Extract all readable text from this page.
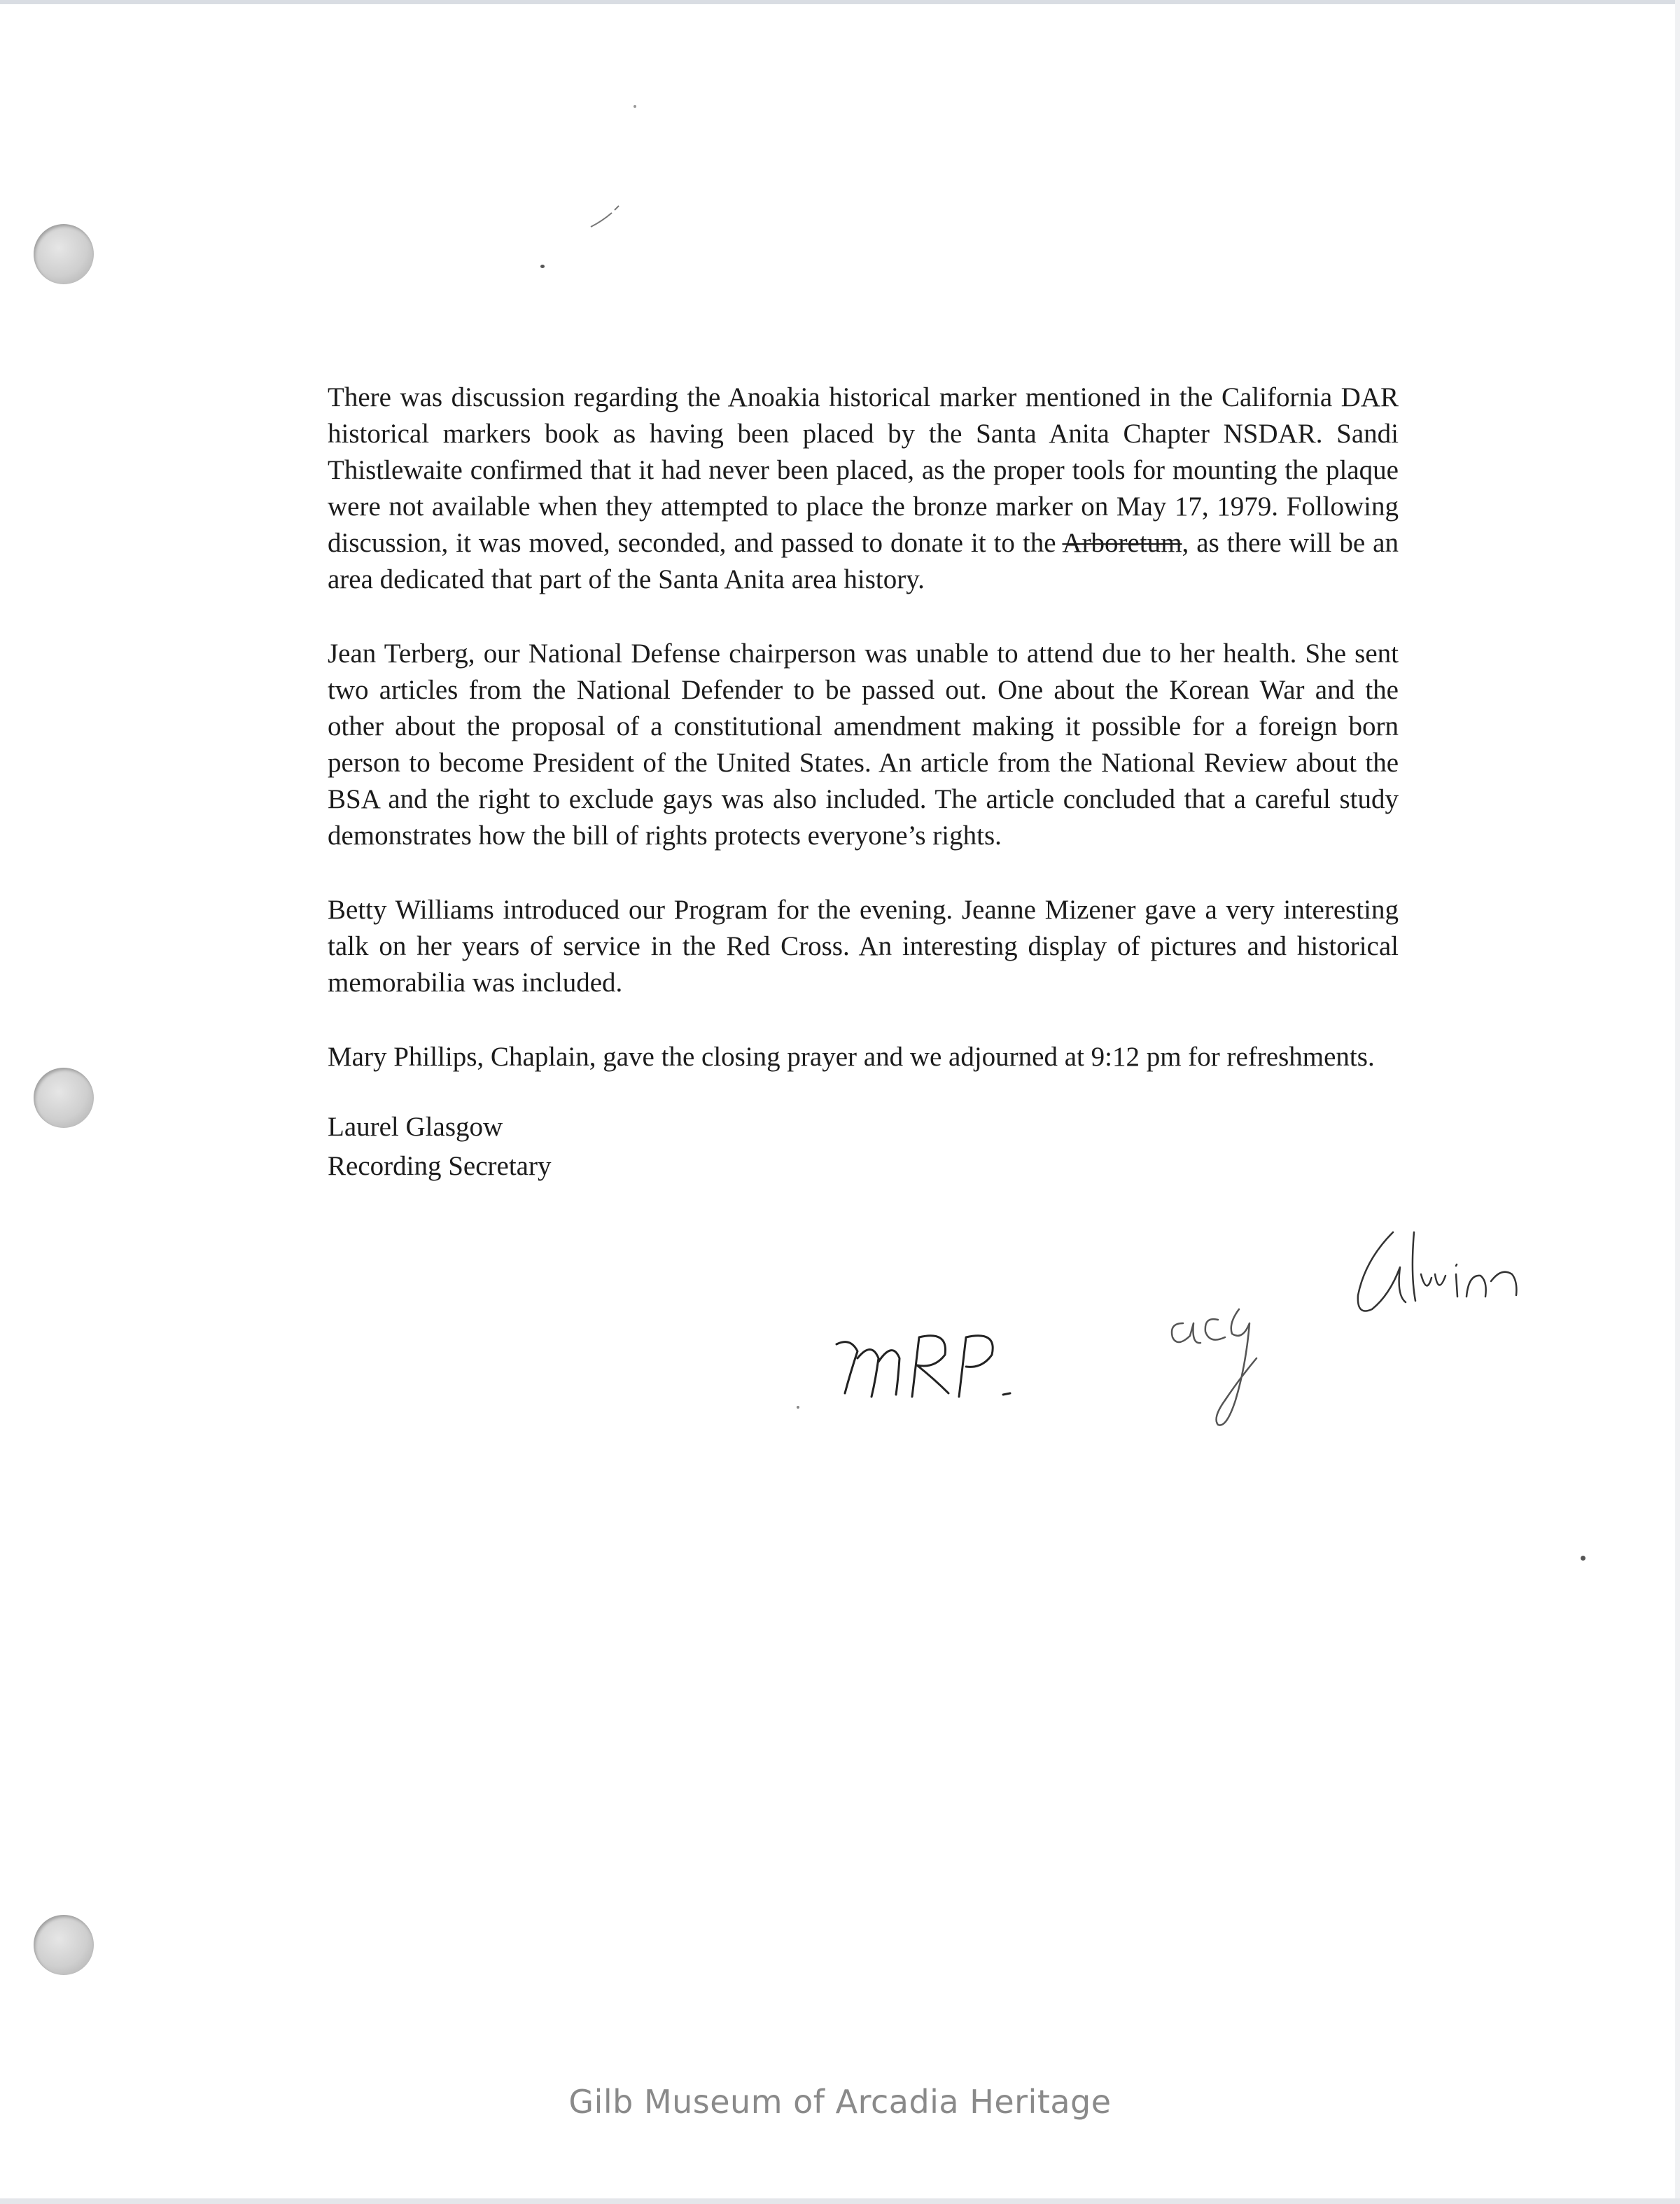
There was discussion regarding the Anoakia historical marker mentioned in the California DAR historical markers book as having been placed by the Santa Anita Chapter NSDAR. Sandi Thistlewaite confirmed that it had never been placed, as the proper tools for mounting the plaque were not available when they attempted to place the bronze marker on May 17, 1979. Following discussion, it was moved, seconded, and passed to donate it to the Arboretum, as there will be an area dedicated that part of the Santa Anita area history.

Jean Terberg, our National Defense chairperson was unable to attend due to her health. She sent two articles from the National Defender to be passed out. One about the Korean War and the other about the proposal of a constitutional amendment making it possible for a foreign born person to become President of the United States. An article from the National Review about the BSA and the right to exclude gays was also included. The article concluded that a careful study demonstrates how the bill of rights protects everyone’s rights.

Betty Williams introduced our Program for the evening. Jeanne Mizener gave a very interesting talk on her years of service in the Red Cross. An interesting display of pictures and historical memorabilia was included.

Mary Phillips, Chaplain, gave the closing prayer and we adjourned at 9:12 pm for refreshments.

Laurel Glasgow
Recording Secretary

Gilb Museum of Arcadia Heritage
